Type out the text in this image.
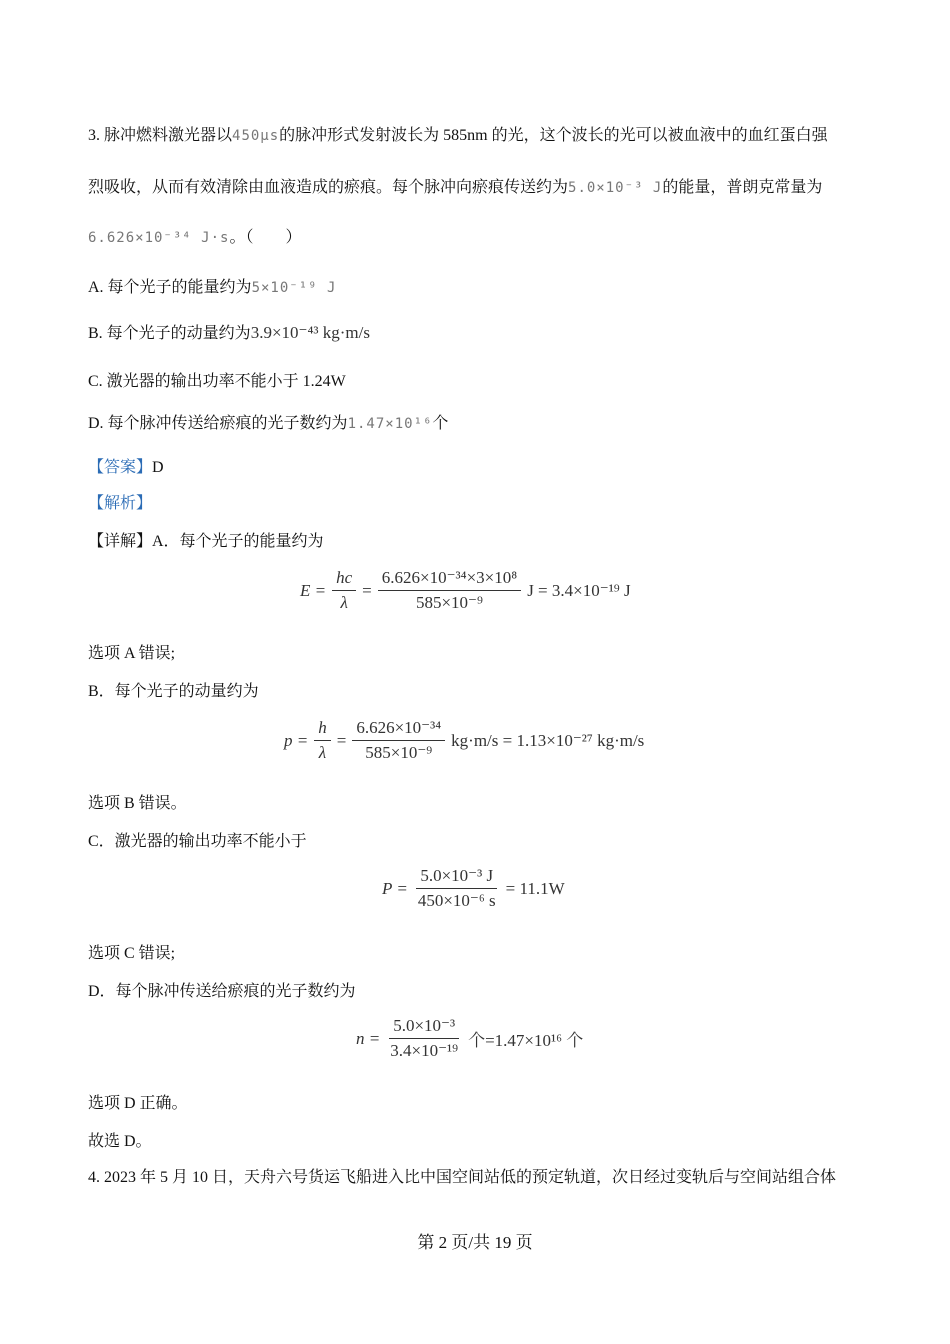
3. 脉冲燃料激光器以450μs的脉冲形式发射波长为 585nm 的光，这个波长的光可以被血液中的血红蛋白强
烈吸收，从而有效清除由血液造成的瘀痕。每个脉冲向瘀痕传送约为5.0×10⁻³ J的能量，普朗克常量为
6.626×10⁻³⁴ J·s。（　　）
A. 每个光子的能量约为5×10⁻¹⁹ J
B. 每个光子的动量约为3.9×10⁻⁴³ kg·m/s
C. 激光器的输出功率不能小于 1.24W
D. 每个脉冲传送给瘀痕的光子数约为1.47×10¹⁶个
【答案】D
【解析】
【详解】A．每个光子的能量约为
$E = \frac{hc}{\lambda} = \frac{\text{6.626×10⁻³⁴×3×10⁸}}{\text{585×10⁻⁹}}$ J = 3.4×10⁻¹⁹ J
选项 A 错误;
B．每个光子的动量约为
$p = \frac{h}{\lambda} = \frac{\text{6.626×10⁻³⁴}}{\text{585×10⁻⁹}} kg\cdot m/s = 1.13\times 10^{-27}$ kg·m/s
选项 B 错误。
C．激光器的输出功率不能小于
$P = \frac{\text{5.0×10⁻³ J}}{\text{450×10⁻⁶ s}} = 11.1W$
选项 C 错误;
D．每个脉冲传送给瘀痕的光子数约为
$n = \frac{\text{5.0×10⁻³}}{\text{3.4×10⁻¹⁹}}$ 个=1.47×10¹⁶ 个
选项 D 正确。
故选 D。
4. 2023 年 5 月 10 日，天舟六号货运飞船进入比中国空间站低的预定轨道，次日经过变轨后与空间站组合体
第 2 页/共 19 页
